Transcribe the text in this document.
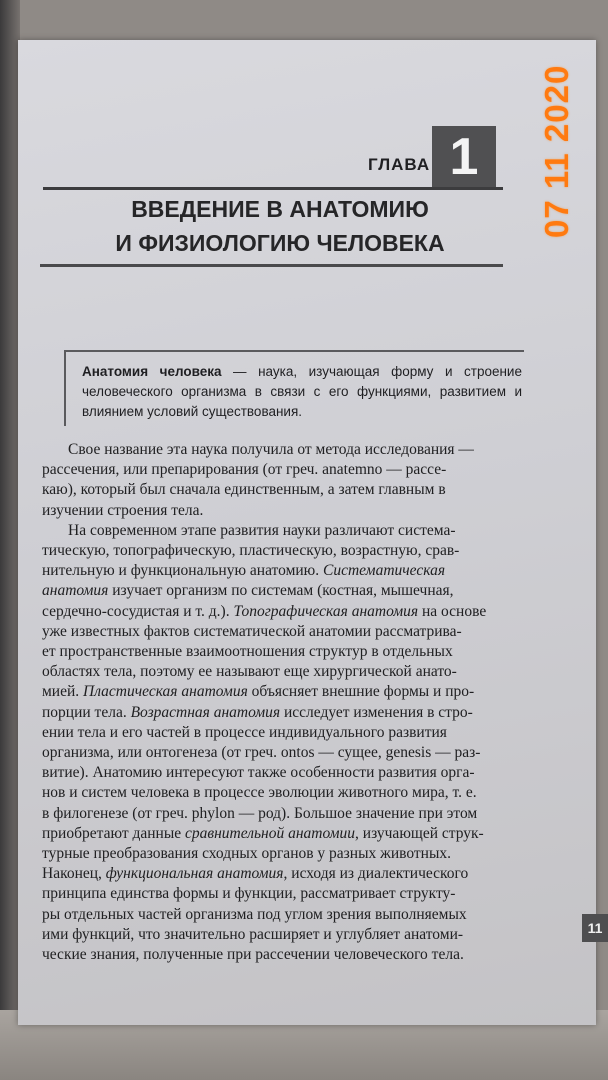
ГЛАВА 1
ВВЕДЕНИЕ В АНАТОМИЮ
И ФИЗИОЛОГИЮ ЧЕЛОВЕКА
Анатомия человека — наука, изучающая форму и строение человеческого организма в связи с его функциями, развитием и влиянием условий существования.
Свое название эта наука получила от метода исследования —
рассечения, или препарирования (от греч. anatemno — рассе-
каю), который был сначала единственным, а затем главным в
изучении строения тела.
На современном этапе развития науки различают система-
тическую, топографическую, пластическую, возрастную, срав-
нительную и функциональную анатомию. Систематическая
анатомия изучает организм по системам (костная, мышечная,
сердечно-сосудистая и т. д.). Топографическая анатомия на основе
уже известных фактов систематической анатомии рассматрива-
ет пространственные взаимоотношения структур в отдельных
областях тела, поэтому ее называют еще хирургической анато-
мией. Пластическая анатомия объясняет внешние формы и про-
порции тела. Возрастная анатомия исследует изменения в стро-
ении тела и его частей в процессе индивидуального развития
организма, или онтогенеза (от греч. ontos — сущее, genesis — раз-
витие). Анатомию интересуют также особенности развития орга-
нов и систем человека в процессе эволюции животного мира, т. е.
в филогенезе (от греч. phylon — род). Большое значение при этом
приобретают данные сравнительной анатомии, изучающей струк-
турные преобразования сходных органов у разных животных.
Наконец, функциональная анатомия, исходя из диалектического
принципа единства формы и функции, рассматривает структу-
ры отдельных частей организма под углом зрения выполняемых
ими функций, что значительно расширяет и углубляет анатоми-
ческие знания, полученные при рассечении человеческого тела.
11
